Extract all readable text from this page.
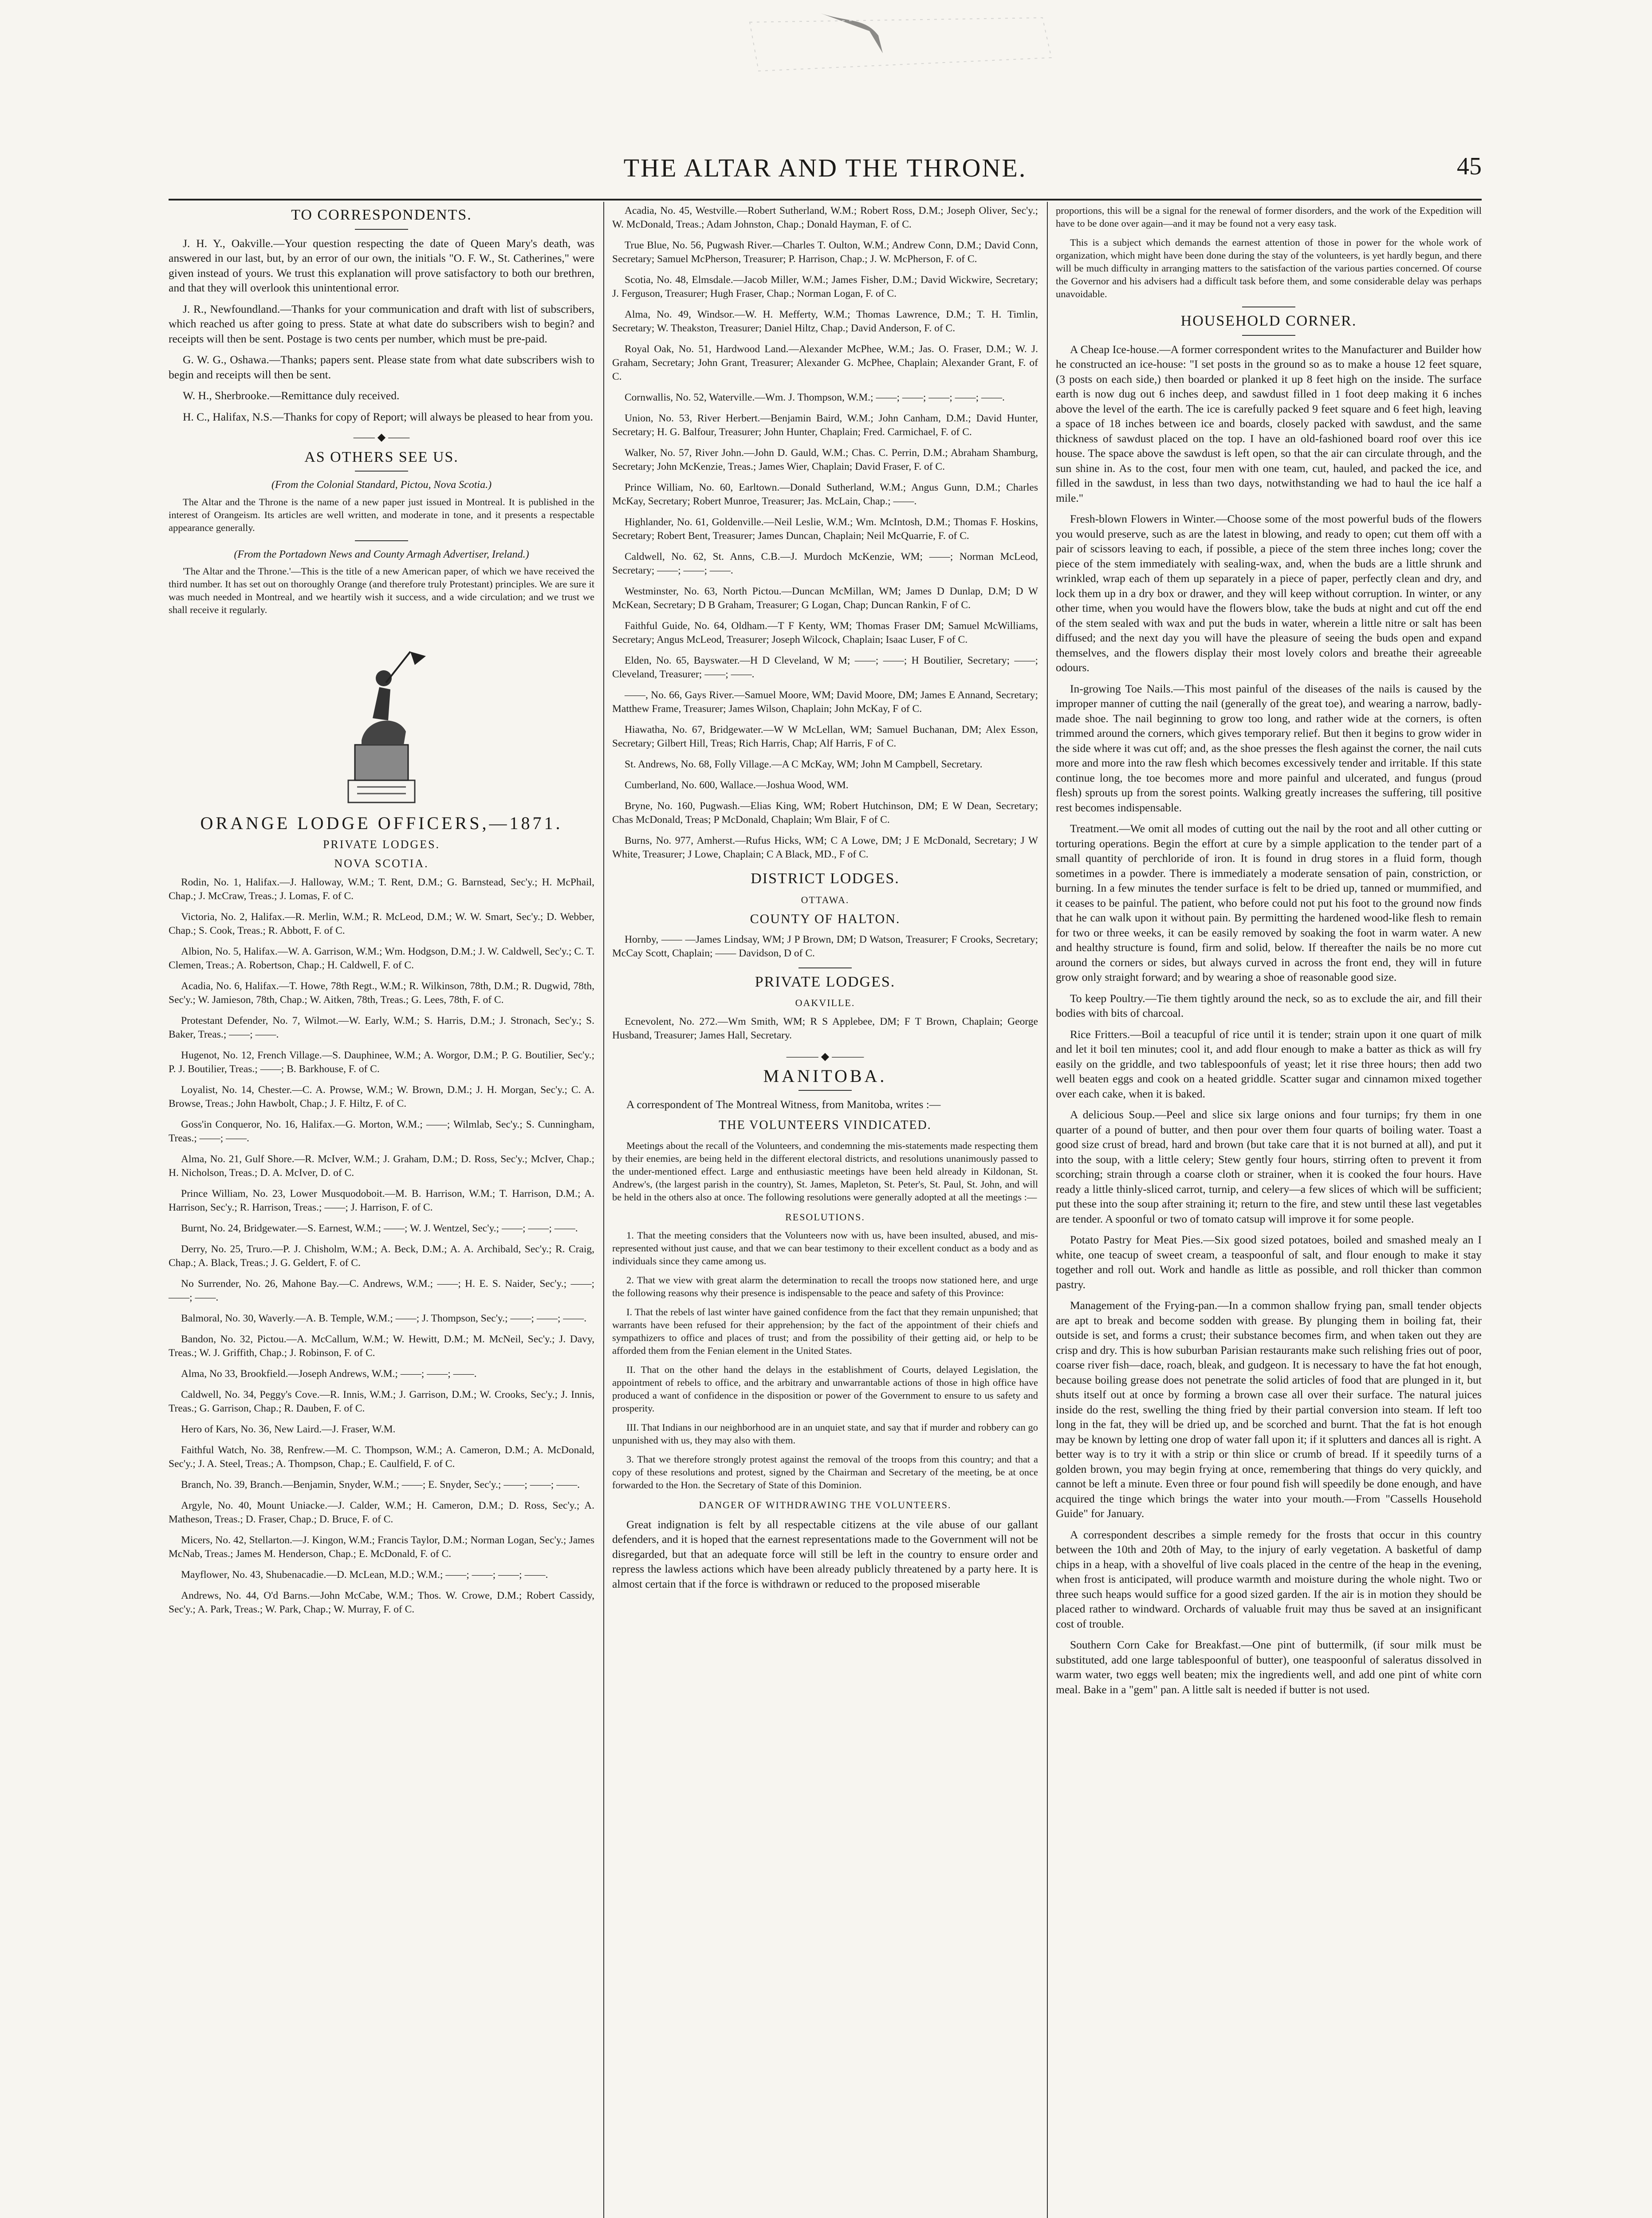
THE ALTAR AND THE THRONE.	45
TO CORRESPONDENTS.

J. H. Y., Oakville.—Your question respecting the date of Queen Mary's death, was answered in our last, but, by an error of our own, the initials "O. F. W., St. Catherines," were given instead of yours. We trust this explanation will prove satisfactory to both our brethren, and that they will overlook this unintentional error.

J. R., Newfoundland.—Thanks for your communication and draft with list of subscribers, which reached us after going to press. State at what date do subscribers wish to begin? and receipts will then be sent. Postage is two cents per number, which must be pre-paid.

G. W. G., Oshawa.—Thanks; papers sent. Please state from what date subscribers wish to begin and receipts will then be sent.

W. H., Sherbrooke.—Remittance duly received.

H. C., Halifax, N.S.—Thanks for copy of Report; will always be pleased to hear from you.

—— ◆ ——
AS OTHERS SEE US.
(From the Colonial Standard, Pictou, Nova Scotia.)

The Altar and the Throne is the name of a new paper just issued in Montreal. It is published in the interest of Orangeism. Its articles are well written, and moderate in tone, and it presents a respectable appearance generally.

(From the Portadown News and County Armagh Advertiser, Ireland.)

'The Altar and the Throne.'—This is the title of a new American paper, of which we have received the third number. It has set out on thoroughly Orange (and therefore truly Protestant) principles. We are sure it was much needed in Montreal, and we heartily wish it success, and a wide circulation; and we trust we shall receive it regularly.

ORANGE LODGE OFFICERS,—1871.
PRIVATE LODGES.
NOVA SCOTIA.
Rodin, No. 1, Halifax.—J. Halloway, W.M.; T. Rent, D.M.; G. Barnstead, Sec'y.; H. McPhail, Chap.; J. McCraw, Treas.; J. Lomas, F. of C.
Victoria, No. 2, Halifax.—R. Merlin, W.M.; R. McLeod, D.M.; W. W. Smart, Sec'y.; D. Webber, Chap.; S. Cook, Treas.; R. Abbott, F. of C.
Albion, No. 5, Halifax.—W. A. Garrison, W.M.; Wm. Hodgson, D.M.; J. W. Caldwell, Sec'y.; C. T. Clemen, Treas.; A. Robertson, Chap.; H. Caldwell, F. of C.
Acadia, No. 6, Halifax.—T. Howe, 78th Regt., W.M.; R. Wilkinson, 78th, D.M.; R. Dugwid, 78th, Sec'y.; W. Jamieson, 78th, Chap.; W. Aitken, 78th, Treas.; G. Lees, 78th, F. of C.
Protestant Defender, No. 7, Wilmot.—W. Early, W.M.; S. Harris, D.M.; J. Stronach, Sec'y.; S. Baker, Treas.; ——; ——.
Hugenot, No. 12, French Village.—S. Dauphinee, W.M.; A. Worgor, D.M.; P. G. Boutilier, Sec'y.; P. J. Boutilier, Treas.; ——; B. Barkhouse, F. of C.
Loyalist, No. 14, Chester.—C. A. Prowse, W.M.; W. Brown, D.M.; J. H. Morgan, Sec'y.; C. A. Browse, Treas.; John Hawbolt, Chap.; J. F. Hiltz, F. of C.
Goss'in Conqueror, No. 16, Halifax.—G. Morton, W.M.; ——; Wilmlab, Sec'y.; S. Cunningham, Treas.; ——; ——.
Alma, No. 21, Gulf Shore.—R. McIver, W.M.; J. Graham, D.M.; D. Ross, Sec'y.; McIver, Chap.; H. Nicholson, Treas.; D. A. McIver, D. of C.
Prince William, No. 23, Lower Musquodoboit.—M. B. Harrison, W.M.; T. Harrison, D.M.; A. Harrison, Sec'y.; R. Harrison, Treas.; ——; J. Harrison, F. of C.
Burnt, No. 24, Bridgewater.—S. Earnest, W.M.; ——; W. J. Wentzel, Sec'y.; ——; ——; ——.
Derry, No. 25, Truro.—P. J. Chisholm, W.M.; A. Beck, D.M.; A. A. Archibald, Sec'y.; R. Craig, Chap.; A. Black, Treas.; J. G. Geldert, F. of C.
No Surrender, No. 26, Mahone Bay.—C. Andrews, W.M.; ——; H. E. S. Naider, Sec'y.; ——; ——; ——.
Balmoral, No. 30, Waverly.—A. B. Temple, W.M.; ——; J. Thompson, Sec'y.; ——; ——; ——.
Bandon, No. 32, Pictou.—A. McCallum, W.M.; W. Hewitt, D.M.; M. McNeil, Sec'y.; J. Davy, Treas.; W. J. Griffith, Chap.; J. Robinson, F. of C.
Alma, No 33, Brookfield.—Joseph Andrews, W.M.; ——; ——; ——.
Caldwell, No. 34, Peggy's Cove.—R. Innis, W.M.; J. Garrison, D.M.; W. Crooks, Sec'y.; J. Innis, Treas.; G. Garrison, Chap.; R. Dauben, F. of C.
Hero of Kars, No. 36, New Laird.—J. Fraser, W.M.
Faithful Watch, No. 38, Renfrew.—M. C. Thompson, W.M.; A. Cameron, D.M.; A. McDonald, Sec'y.; J. A. Steel, Treas.; A. Thompson, Chap.; E. Caulfield, F. of C.
Branch, No. 39, Branch.—Benjamin, Snyder, W.M.; ——; E. Snyder, Sec'y.; ——; ——; ——.
Argyle, No. 40, Mount Uniacke.—J. Calder, W.M.; H. Cameron, D.M.; D. Ross, Sec'y.; A. Matheson, Treas.; D. Fraser, Chap.; D. Bruce, F. of C.
Micers, No. 42, Stellarton.—J. Kingon, W.M.; Francis Taylor, D.M.; Norman Logan, Sec'y.; James McNab, Treas.; James M. Henderson, Chap.; E. McDonald, F. of C.
Mayflower, No. 43, Shubenacadie.—D. McLean, M.D.; W.M.; ——; ——; ——; ——.
Andrews, No. 44, O'd Barns.—John McCabe, W.M.; Thos. W. Crowe, D.M.; Robert Cassidy, Sec'y.; A. Park, Treas.; W. Park, Chap.; W. Murray, F. of C.
Acadia, No. 45, Westville.—Robert Sutherland, W.M.; Robert Ross, D.M.; Joseph Oliver, Sec'y.; W. McDonald, Treas.; Adam Johnston, Chap.; Donald Hayman, F. of C.
True Blue, No. 56, Pugwash River.—Charles T. Oulton, W.M.; Andrew Conn, D.M.; David Conn, Secretary; Samuel McPherson, Treasurer; P. Harrison, Chap.; J. W. McPherson, F. of C.
Scotia, No. 48, Elmsdale.—Jacob Miller, W.M.; James Fisher, D.M.; David Wickwire, Secretary; J. Ferguson, Treasurer; Hugh Fraser, Chap.; Norman Logan, F. of C.
Alma, No. 49, Windsor.—W. H. Mefferty, W.M.; Thomas Lawrence, D.M.; T. H. Timlin, Secretary; W. Theakston, Treasurer; Daniel Hiltz, Chap.; David Anderson, F. of C.
Royal Oak, No. 51, Hardwood Land.—Alexander McPhee, W.M.; Jas. O. Fraser, D.M.; W. J. Graham, Secretary; John Grant, Treasurer; Alexander G. McPhee, Chaplain; Alexander Grant, F. of C.
Cornwallis, No. 52, Waterville.—Wm. J. Thompson, W.M.; ——; ——; ——; ——; ——.
Union, No. 53, River Herbert.—Benjamin Baird, W.M.; John Canham, D.M.; David Hunter, Secretary; H. G. Balfour, Treasurer; John Hunter, Chaplain; Fred. Carmichael, F. of C.
Walker, No. 57, River John.—John D. Gauld, W.M.; Chas. C. Perrin, D.M.; Abraham Shamburg, Secretary; John McKenzie, Treas.; James Wier, Chaplain; David Fraser, F. of C.
Prince William, No. 60, Earltown.—Donald Sutherland, W.M.; Angus Gunn, D.M.; Charles McKay, Secretary; Robert Munroe, Treasurer; Jas. McLain, Chap.; ——.
Highlander, No. 61, Goldenville.—Neil Leslie, W.M.; Wm. McIntosh, D.M.; Thomas F. Hoskins, Secretary; Robert Bent, Treasurer; James Duncan, Chaplain; Neil McQuarrie, F. of C.
Caldwell, No. 62, St. Anns, C.B.—J. Murdoch McKenzie, WM; ——; Norman McLeod, Secretary; ——; ——; ——.
Westminster, No. 63, North Pictou.—Duncan McMillan, WM; James D Dunlap, D.M; D W McKean, Secretary; D B Graham, Treasurer; G Logan, Chap; Duncan Rankin, F of C.
Faithful Guide, No. 64, Oldham.—T F Kenty, WM; Thomas Fraser DM; Samuel McWilliams, Secretary; Angus McLeod, Treasurer; Joseph Wilcock, Chaplain; Isaac Luser, F of C.
Elden, No. 65, Bayswater.—H D Cleveland, W M; ——; ——; H Boutilier, Secretary; ——; Cleveland, Treasurer; ——; ——.
——, No. 66, Gays River.—Samuel Moore, WM; David Moore, DM; James E Annand, Secretary; Matthew Frame, Treasurer; James Wilson, Chaplain; John McKay, F of C.
Hiawatha, No. 67, Bridgewater.—W W McLellan, WM; Samuel Buchanan, DM; Alex Esson, Secretary; Gilbert Hill, Treas; Rich Harris, Chap; Alf Harris, F of C.
St. Andrews, No. 68, Folly Village.—A C McKay, WM; John M Campbell, Secretary.
Cumberland, No. 600, Wallace.—Joshua Wood, WM.
Bryne, No. 160, Pugwash.—Elias King, WM; Robert Hutchinson, DM; E W Dean, Secretary; Chas McDonald, Treas; P McDonald, Chaplain; Wm Blair, F of C.
Burns, No. 977, Amherst.—Rufus Hicks, WM; C A Lowe, DM; J E McDonald, Secretary; J W White, Treasurer; J Lowe, Chaplain; C A Black, MD., F of C.
DISTRICT LODGES.
OTTAWA.
COUNTY OF HALTON.
Hornby, —— —James Lindsay, WM; J P Brown, DM; D Watson, Treasurer; F Crooks, Secretary; McCay Scott, Chaplain; —— Davidson, D of C.
PRIVATE LODGES.
OAKVILLE.
Ecnevolent, No. 272.—Wm Smith, WM; R S Applebee, DM; F T Brown, Chaplain; George Husband, Treasurer; James Hall, Secretary.
——— ◆ ———
MANITOBA.

A correspondent of The Montreal Witness, from Manitoba, writes :—

THE VOLUNTEERS VINDICATED.

Meetings about the recall of the Volunteers, and condemning the mis-statements made respecting them by their enemies, are being held in the different electoral districts, and resolutions unanimously passed to the under-mentioned effect. Large and enthusiastic meetings have been held already in Kildonan, St. Andrew's, (the largest parish in the country), St. James, Mapleton, St. Peter's, St. Paul, St. John, and will be held in the others also at once. The following resolutions were generally adopted at all the meetings :—

RESOLUTIONS.

1. That the meeting considers that the Volunteers now with us, have been insulted, abused, and mis-represented without just cause, and that we can bear testimony to their excellent conduct as a body and as individuals since they came among us.

2. That we view with great alarm the determination to recall the troops now stationed here, and urge the following reasons why their presence is indispensable to the peace and safety of this Province:

I. That the rebels of last winter have gained confidence from the fact that they remain unpunished; that warrants have been refused for their apprehension; by the fact of the appointment of their chiefs and sympathizers to office and places of trust; and from the possibility of their getting aid, or help to be afforded them from the Fenian element in the United States.

II. That on the other hand the delays in the establishment of Courts, delayed Legislation, the appointment of rebels to office, and the arbitrary and unwarrantable actions of those in high office have produced a want of confidence in the disposition or power of the Government to ensure to us safety and prosperity.

III. That Indians in our neighborhood are in an unquiet state, and say that if murder and robbery can go unpunished with us, they may also with them.

3. That we therefore strongly protest against the removal of the troops from this country; and that a copy of these resolutions and protest, signed by the Chairman and Secretary of the meeting, be at once forwarded to the Hon. the Secretary of State of this Dominion.

DANGER OF WITHDRAWING THE VOLUNTEERS.

Great indignation is felt by all respectable citizens at the vile abuse of our gallant defenders, and it is hoped that the earnest representations made to the Government will not be disregarded, but that an adequate force will still be left in the country to ensure order and repress the lawless actions which have been already publicly threatened by a party here. It is almost certain that if the force is withdrawn or reduced to the proposed miserable

proportions, this will be a signal for the renewal of former disorders, and the work of the Expedition will have to be done over again—and it may be found not a very easy task.

This is a subject which demands the earnest attention of those in power for the whole work of organization, which might have been done during the stay of the volunteers, is yet hardly begun, and there will be much difficulty in arranging matters to the satisfaction of the various parties concerned. Of course the Governor and his advisers had a difficult task before them, and some considerable delay was perhaps unavoidable.

HOUSEHOLD CORNER.

A Cheap Ice-house.—A former correspondent writes to the Manufacturer and Builder how he constructed an ice-house: "I set posts in the ground so as to make a house 12 feet square, (3 posts on each side,) then boarded or planked it up 8 feet high on the inside. The surface earth is now dug out 6 inches deep, and sawdust filled in 1 foot deep making it 6 inches above the level of the earth. The ice is carefully packed 9 feet square and 6 feet high, leaving a space of 18 inches between ice and boards, closely packed with sawdust, and the same thickness of sawdust placed on the top. I have an old-fashioned board roof over this ice house. The space above the sawdust is left open, so that the air can circulate through, and the sun shine in. As to the cost, four men with one team, cut, hauled, and packed the ice, and filled in the sawdust, in less than two days, notwithstanding we had to haul the ice half a mile."

Fresh-blown Flowers in Winter.—Choose some of the most powerful buds of the flowers you would preserve, such as are the latest in blowing, and ready to open; cut them off with a pair of scissors leaving to each, if possible, a piece of the stem three inches long; cover the piece of the stem immediately with sealing-wax, and, when the buds are a little shrunk and wrinkled, wrap each of them up separately in a piece of paper, perfectly clean and dry, and lock them up in a dry box or drawer, and they will keep without corruption. In winter, or any other time, when you would have the flowers blow, take the buds at night and cut off the end of the stem sealed with wax and put the buds in water, wherein a little nitre or salt has been diffused; and the next day you will have the pleasure of seeing the buds open and expand themselves, and the flowers display their most lovely colors and breathe their agreeable odours.

In-growing Toe Nails.—This most painful of the diseases of the nails is caused by the improper manner of cutting the nail (generally of the great toe), and wearing a narrow, badly-made shoe. The nail beginning to grow too long, and rather wide at the corners, is often trimmed around the corners, which gives temporary relief. But then it begins to grow wider in the side where it was cut off; and, as the shoe presses the flesh against the corner, the nail cuts more and more into the raw flesh which becomes excessively tender and irritable. If this state continue long, the toe becomes more and more painful and ulcerated, and fungus (proud flesh) sprouts up from the sorest points. Walking greatly increases the suffering, till positive rest becomes indispensable.

Treatment.—We omit all modes of cutting out the nail by the root and all other cutting or torturing operations. Begin the effort at cure by a simple application to the tender part of a small quantity of perchloride of iron. It is found in drug stores in a fluid form, though sometimes in a powder. There is immediately a moderate sensation of pain, constriction, or burning. In a few minutes the tender surface is felt to be dried up, tanned or mummified, and it ceases to be painful. The patient, who before could not put his foot to the ground now finds that he can walk upon it without pain. By permitting the hardened wood-like flesh to remain for two or three weeks, it can be easily removed by soaking the foot in warm water. A new and healthy structure is found, firm and solid, below. If thereafter the nails be no more cut around the corners or sides, but always curved in across the front end, they will in future grow only straight forward; and by wearing a shoe of reasonable good size.

To keep Poultry.—Tie them tightly around the neck, so as to exclude the air, and fill their bodies with bits of charcoal.

Rice Fritters.—Boil a teacupful of rice until it is tender; strain upon it one quart of milk and let it boil ten minutes; cool it, and add flour enough to make a batter as thick as will fry easily on the griddle, and two tablespoonfuls of yeast; let it rise three hours; then add two well beaten eggs and cook on a heated griddle. Scatter sugar and cinnamon mixed together over each cake, when it is baked.

A delicious Soup.—Peel and slice six large onions and four turnips; fry them in one quarter of a pound of butter, and then pour over them four quarts of boiling water. Toast a good size crust of bread, hard and brown (but take care that it is not burned at all), and put it into the soup, with a little celery; Stew gently four hours, stirring often to prevent it from scorching; strain through a coarse cloth or strainer, when it is cooked the four hours. Have ready a little thinly-sliced carrot, turnip, and celery—a few slices of which will be sufficient; put these into the soup after straining it; return to the fire, and stew until these last vegetables are tender. A spoonful or two of tomato catsup will improve it for some people.

Potato Pastry for Meat Pies.—Six good sized potatoes, boiled and smashed mealy an I white, one teacup of sweet cream, a teaspoonful of salt, and flour enough to make it stay together and roll out. Work and handle as little as possible, and roll thicker than common pastry.

Management of the Frying-pan.—In a common shallow frying pan, small tender objects are apt to break and become sodden with grease. By plunging them in boiling fat, their outside is set, and forms a crust; their substance becomes firm, and when taken out they are crisp and dry. This is how suburban Parisian restaurants make such relishing fries out of poor, coarse river fish—dace, roach, bleak, and gudgeon. It is necessary to have the fat hot enough, because boiling grease does not penetrate the solid articles of food that are plunged in it, but shuts itself out at once by forming a brown case all over their surface. The natural juices inside do the rest, swelling the thing fried by their partial conversion into steam. If left too long in the fat, they will be dried up, and be scorched and burnt. That the fat is hot enough may be known by letting one drop of water fall upon it; if it splutters and dances all is right. A better way is to try it with a strip or thin slice or crumb of bread. If it speedily turns of a golden brown, you may begin frying at once, remembering that things do very quickly, and cannot be left a minute. Even three or four pound fish will speedily be done enough, and have acquired the tinge which brings the water into your mouth.—From "Cassells Household Guide" for January.

A correspondent describes a simple remedy for the frosts that occur in this country between the 10th and 20th of May, to the injury of early vegetation. A basketful of damp chips in a heap, with a shovelful of live coals placed in the centre of the heap in the evening, when frost is anticipated, will produce warmth and moisture during the whole night. Two or three such heaps would suffice for a good sized garden. If the air is in motion they should be placed rather to windward. Orchards of valuable fruit may thus be saved at an insignificant cost of trouble.

Southern Corn Cake for Breakfast.—One pint of buttermilk, (if sour milk must be substituted, add one large tablespoonful of butter), one teaspoonful of saleratus dissolved in warm water, two eggs well beaten; mix the ingredients well, and add one pint of white corn meal. Bake in a "gem" pan. A little salt is needed if butter is not used.
